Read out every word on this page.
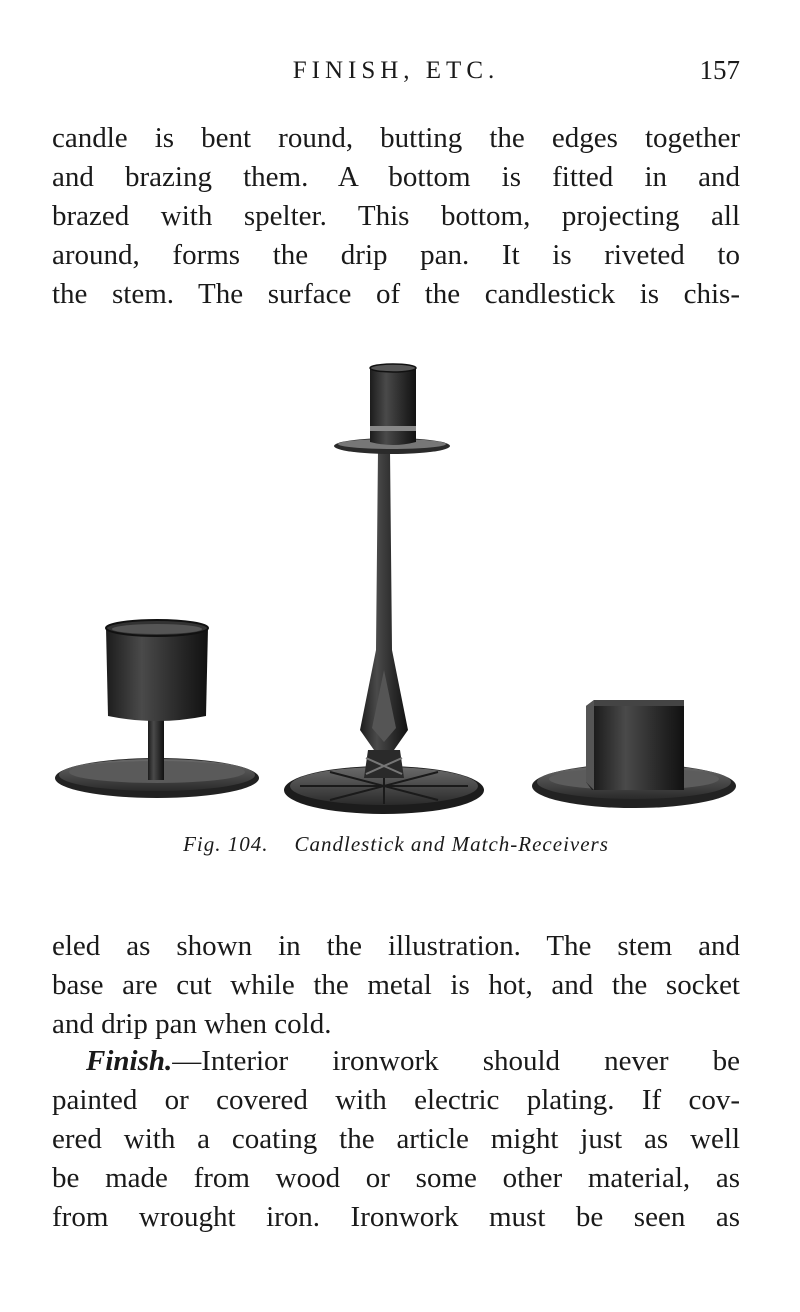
FINISH, ETC.	157

candle is bent round, butting the edges together
and brazing them. A bottom is fitted in and
brazed with spelter. This bottom, projecting all
around, forms the drip pan. It is riveted to
the stem. The surface of the candlestick is chis-

Fig. 104. Candlestick and Match-Receivers

eled as shown in the illustration. The stem and
base are cut while the metal is hot, and the socket
and drip pan when cold.

Finish.—Interior ironwork should never be
painted or covered with electric plating. If cov-
ered with a coating the article might just as well
be made from wood or some other material, as
from wrought iron. Ironwork must be seen as
